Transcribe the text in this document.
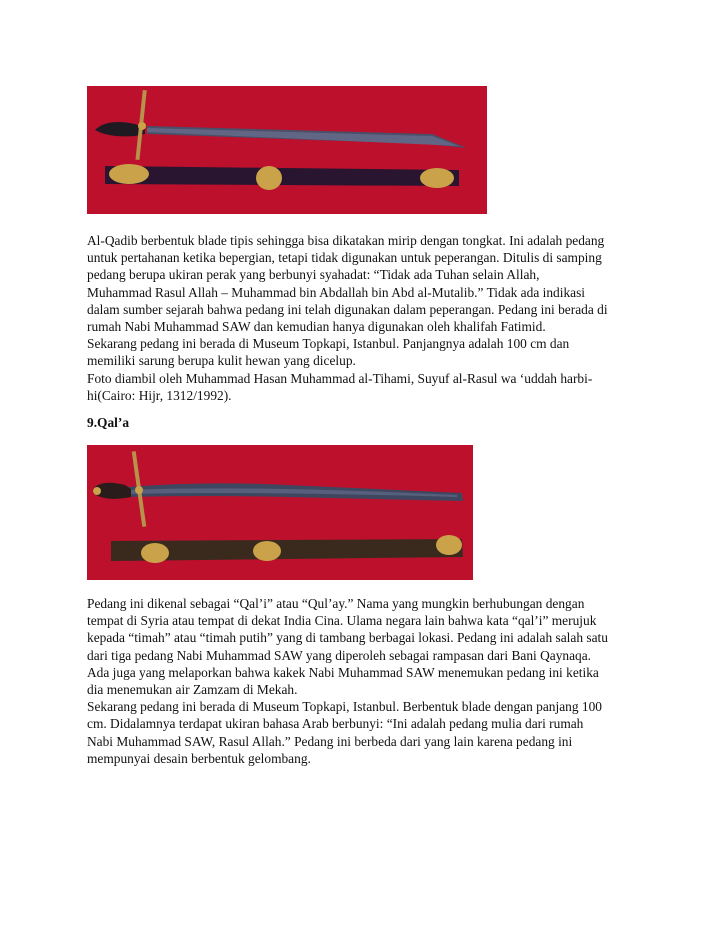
Al-Qadib berbentuk blade tipis sehingga bisa dikatakan mirip dengan tongkat. Ini adalah pedang
untuk pertahanan ketika bepergian, tetapi tidak digunakan untuk peperangan. Ditulis di samping
pedang berupa ukiran perak yang berbunyi syahadat: “Tidak ada Tuhan selain Allah,
Muhammad Rasul Allah – Muhammad bin Abdallah bin Abd al-Mutalib.” Tidak ada indikasi
dalam sumber sejarah bahwa pedang ini telah digunakan dalam peperangan. Pedang ini berada di
rumah Nabi Muhammad SAW dan kemudian hanya digunakan oleh khalifah Fatimid.
Sekarang pedang ini berada di Museum Topkapi, Istanbul. Panjangnya adalah 100 cm dan
memiliki sarung berupa kulit hewan yang dicelup.
Foto diambil oleh Muhammad Hasan Muhammad al-Tihami, Suyuf al-Rasul wa ‘uddah harbi-
hi(Cairo: Hijr, 1312/1992).

9.Qal’a

Pedang ini dikenal sebagai “Qal’i” atau “Qul’ay.” Nama yang mungkin berhubungan dengan
tempat di Syria atau tempat di dekat India Cina. Ulama negara lain bahwa kata “qal’i” merujuk
kepada “timah” atau “timah putih” yang di tambang berbagai lokasi. Pedang ini adalah salah satu
dari tiga pedang Nabi Muhammad SAW yang diperoleh sebagai rampasan dari Bani Qaynaqa.
Ada juga yang melaporkan bahwa kakek Nabi Muhammad SAW menemukan pedang ini ketika
dia menemukan air Zamzam di Mekah.
Sekarang pedang ini berada di Museum Topkapi, Istanbul. Berbentuk blade dengan panjang 100
cm. Didalamnya terdapat ukiran bahasa Arab berbunyi: “Ini adalah pedang mulia dari rumah
Nabi Muhammad SAW, Rasul Allah.” Pedang ini berbeda dari yang lain karena pedang ini
mempunyai desain berbentuk gelombang.
